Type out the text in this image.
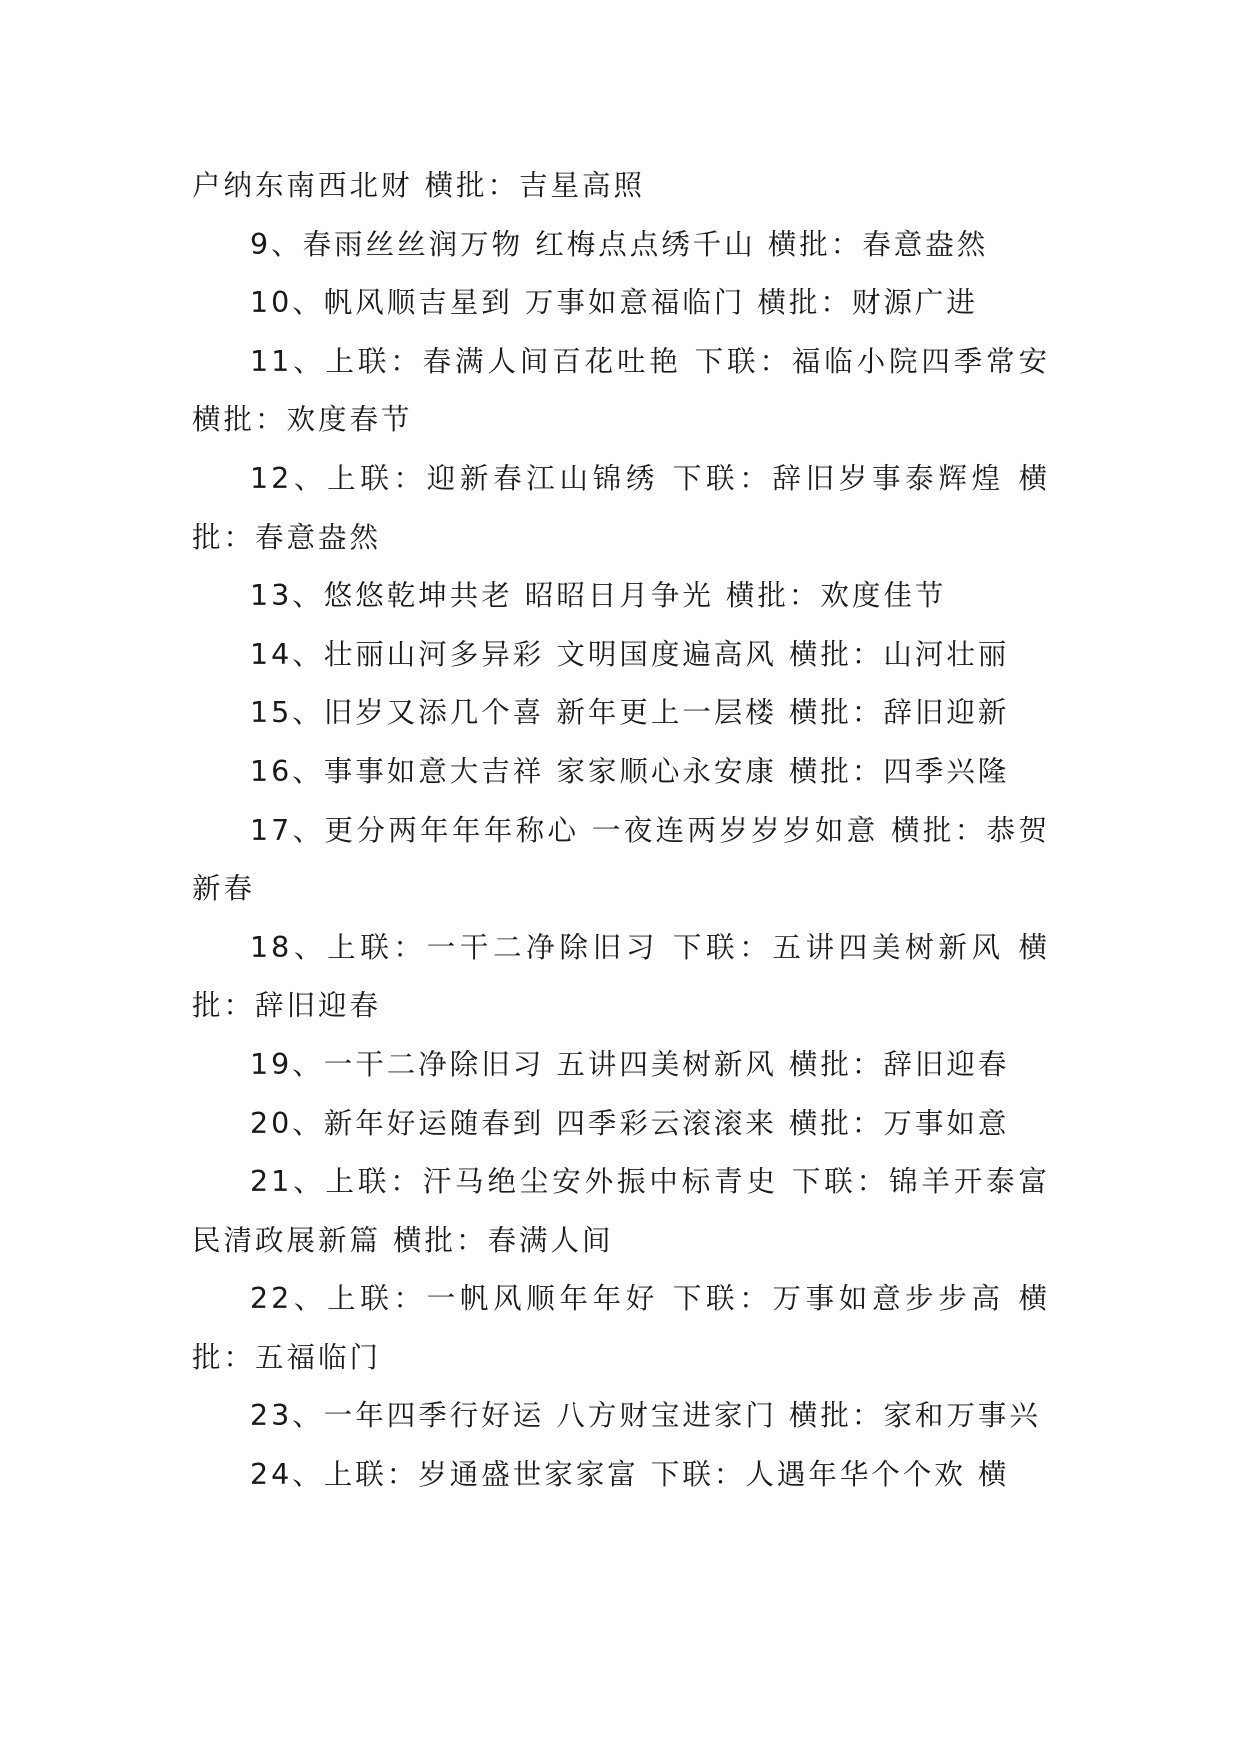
户纳东南西北财 横批：吉星高照

9、春雨丝丝润万物 红梅点点绣千山 横批：春意盎然

10、帆风顺吉星到 万事如意福临门 横批：财源广进

11、上联：春满人间百花吐艳 下联：福临小院四季常安 横批：欢度春节

12、上联：迎新春江山锦绣 下联：辞旧岁事泰辉煌 横批：春意盎然

13、悠悠乾坤共老 昭昭日月争光 横批：欢度佳节

14、壮丽山河多异彩 文明国度遍高风 横批：山河壮丽

15、旧岁又添几个喜 新年更上一层楼 横批：辞旧迎新

16、事事如意大吉祥 家家顺心永安康 横批：四季兴隆

17、更分两年年年称心 一夜连两岁岁岁如意 横批：恭贺新春

18、上联：一干二净除旧习 下联：五讲四美树新风 横批：辞旧迎春

19、一干二净除旧习 五讲四美树新风 横批：辞旧迎春

20、新年好运随春到 四季彩云滚滚来 横批：万事如意

21、上联：汗马绝尘安外振中标青史 下联：锦羊开泰富民清政展新篇 横批：春满人间

22、上联：一帆风顺年年好 下联：万事如意步步高 横批：五福临门

23、一年四季行好运 八方财宝进家门 横批：家和万事兴

24、上联：岁通盛世家家富 下联：人遇年华个个欢 横
